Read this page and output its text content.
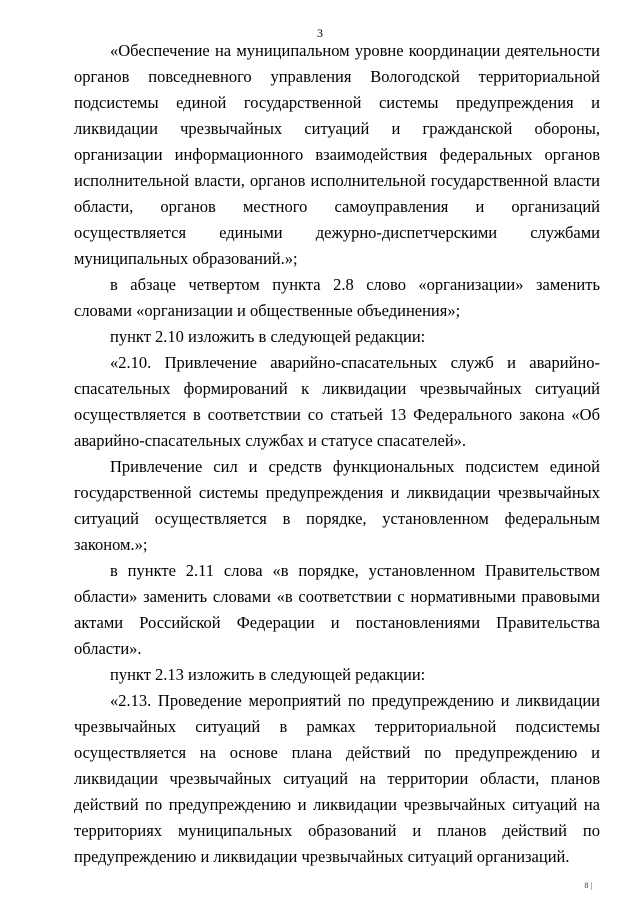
3

«Обеспечение на муниципальном уровне координации деятельности органов повседневного управления Вологодской территориальной подсистемы единой государственной системы предупреждения и ликвидации чрезвычайных ситуаций и гражданской обороны, организации информационного взаимодействия федеральных органов исполнительной власти, органов исполнительной государственной власти области, органов местного самоуправления и организаций осуществляется едиными дежурно-диспетчерскими службами муниципальных образований.»;

в абзаце четвертом пункта 2.8 слово «организации» заменить словами «организации и общественные объединения»;

пункт 2.10 изложить в следующей редакции:

«2.10. Привлечение аварийно-спасательных служб и аварийно-спасательных формирований к ликвидации чрезвычайных ситуаций осуществляется в соответствии со статьей 13 Федерального закона «Об аварийно-спасательных службах и статусе спасателей».

Привлечение сил и средств функциональных подсистем единой государственной системы предупреждения и ликвидации чрезвычайных ситуаций осуществляется в порядке, установленном федеральным законом.»;

в пункте 2.11 слова «в порядке, установленном Правительством области» заменить словами «в соответствии с нормативными правовыми актами Российской Федерации и постановлениями Правительства области».

пункт 2.13 изложить в следующей редакции:

«2.13. Проведение мероприятий по предупреждению и ликвидации чрезвычайных ситуаций в рамках территориальной подсистемы осуществляется на основе плана действий по предупреждению и ликвидации чрезвычайных ситуаций на территории области, планов действий по предупреждению и ликвидации чрезвычайных ситуаций на территориях муниципальных образований и планов действий по предупреждению и ликвидации чрезвычайных ситуаций организаций.

8 |
